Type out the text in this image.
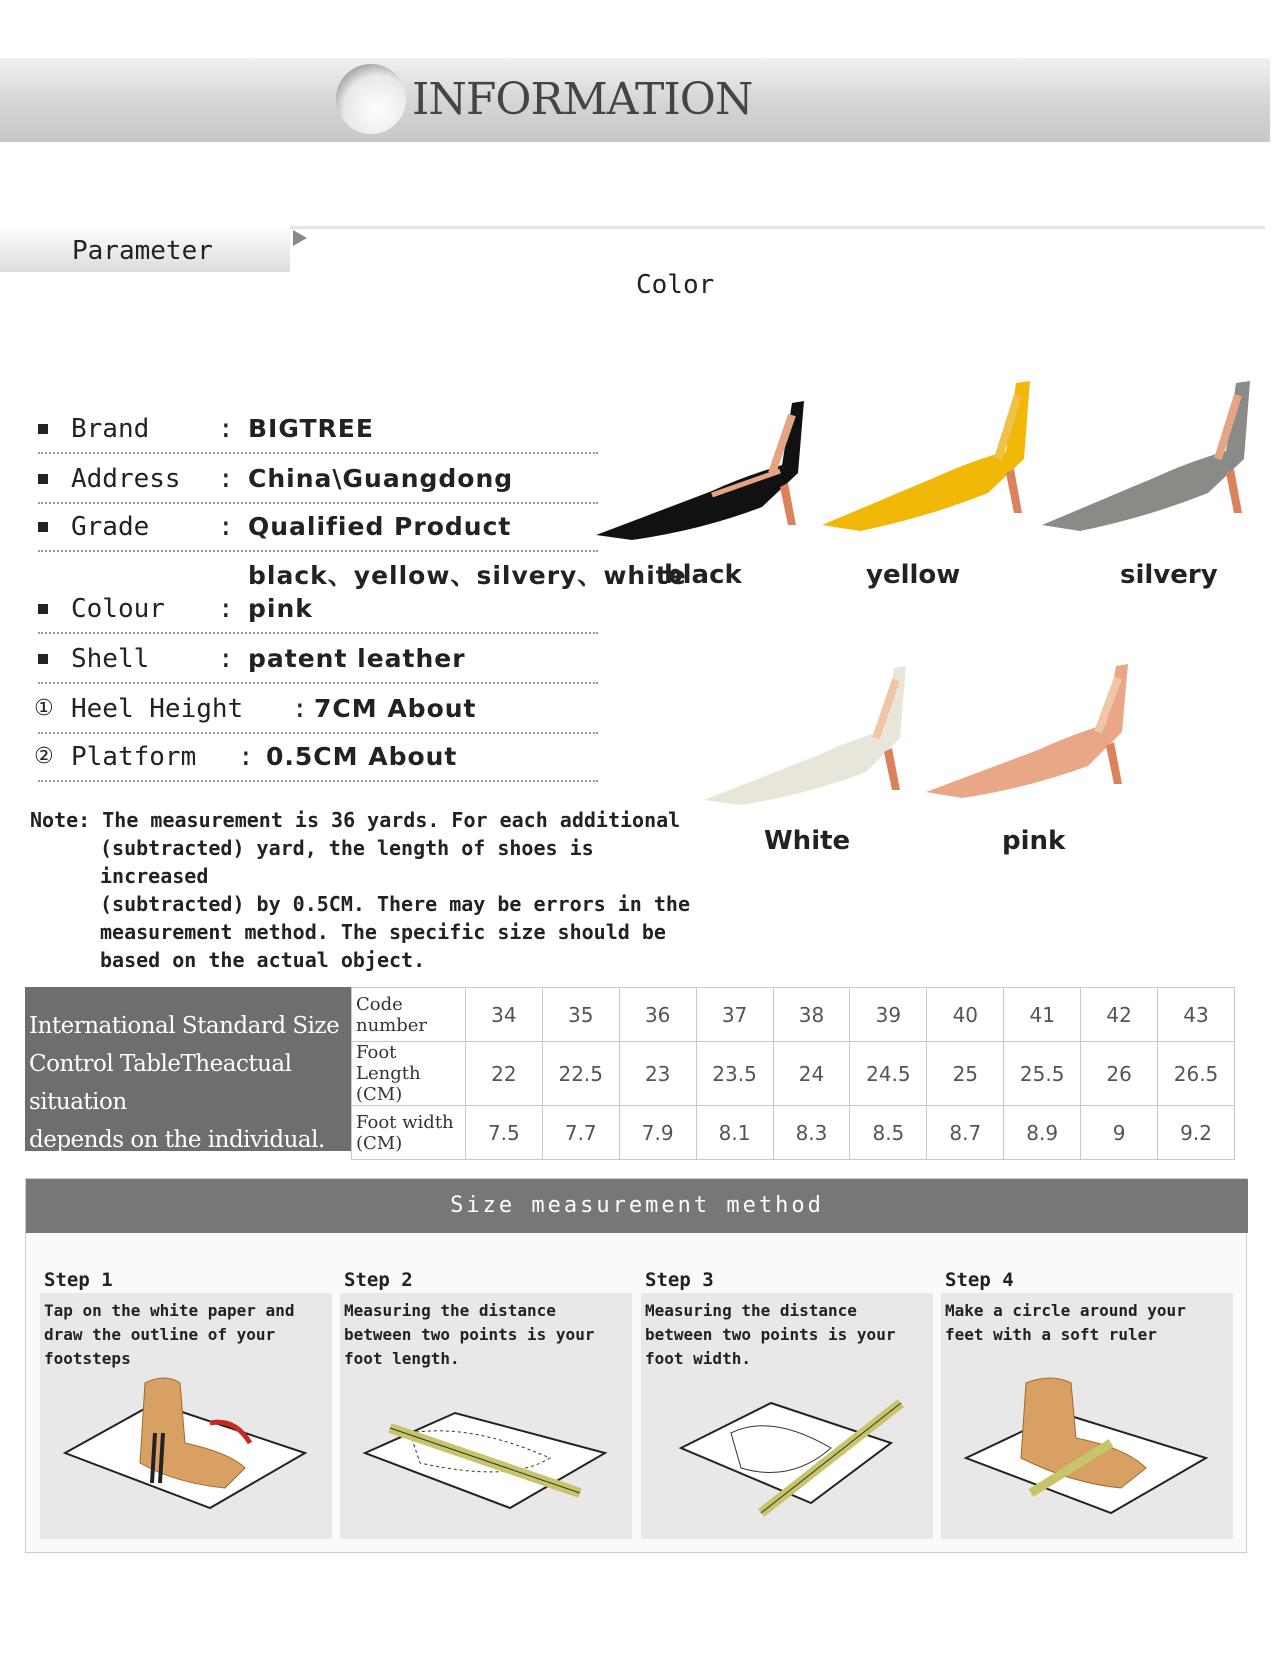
INFORMATION
Parameter
Color
Brand	: BIGTREE
Address : China\Guangdong
Grade	: Qualified Product
Colour :
black、yellow、silvery、white
pink
Shell	: patent leather
① Heel Height : 7CM About
② Platform : 0.5CM About
Note: The measurement is 36 yards. For each additional
(subtracted) yard, the length of shoes is increased
(subtracted) by 0.5CM. There may be errors in the
measurement method. The specific size should be
based on the actual object.
black	yellow	silvery
White	pink
International Standard Size
Control TableTheactual situation
depends on the individual.
Code number	34	35	36	37	38	39	40	41	42	43
Foot Length (CM)	22	22.5	23	23.5	24	24.5	25	25.5	26	26.5
Foot width (CM)	7.5	7.7	7.9	8.1	8.3	8.5	8.7	8.9	9	9.2
Size measurement method
Step 1
Tap on the white paper and draw the outline of your footsteps
Step 2
Measuring the distance between two points is your foot length.
Step 3
Measuring the distance between two points is your foot width.
Step 4
Make a circle around your feet with a soft ruler
